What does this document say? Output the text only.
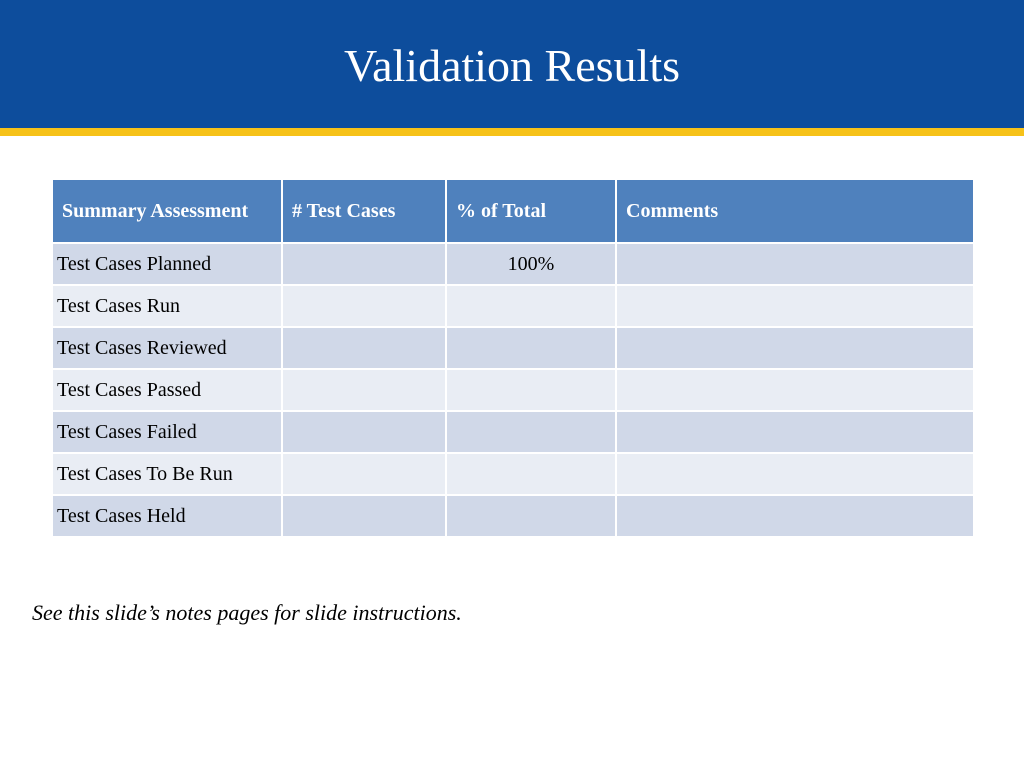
Validation Results
Summary Assessment	# Test Cases	% of Total	Comments
Test Cases Planned		100%	
Test Cases Run			
Test Cases Reviewed			
Test Cases Passed			
Test Cases Failed			
Test Cases To Be Run			
Test Cases Held			
See this slide’s notes pages for slide instructions.
